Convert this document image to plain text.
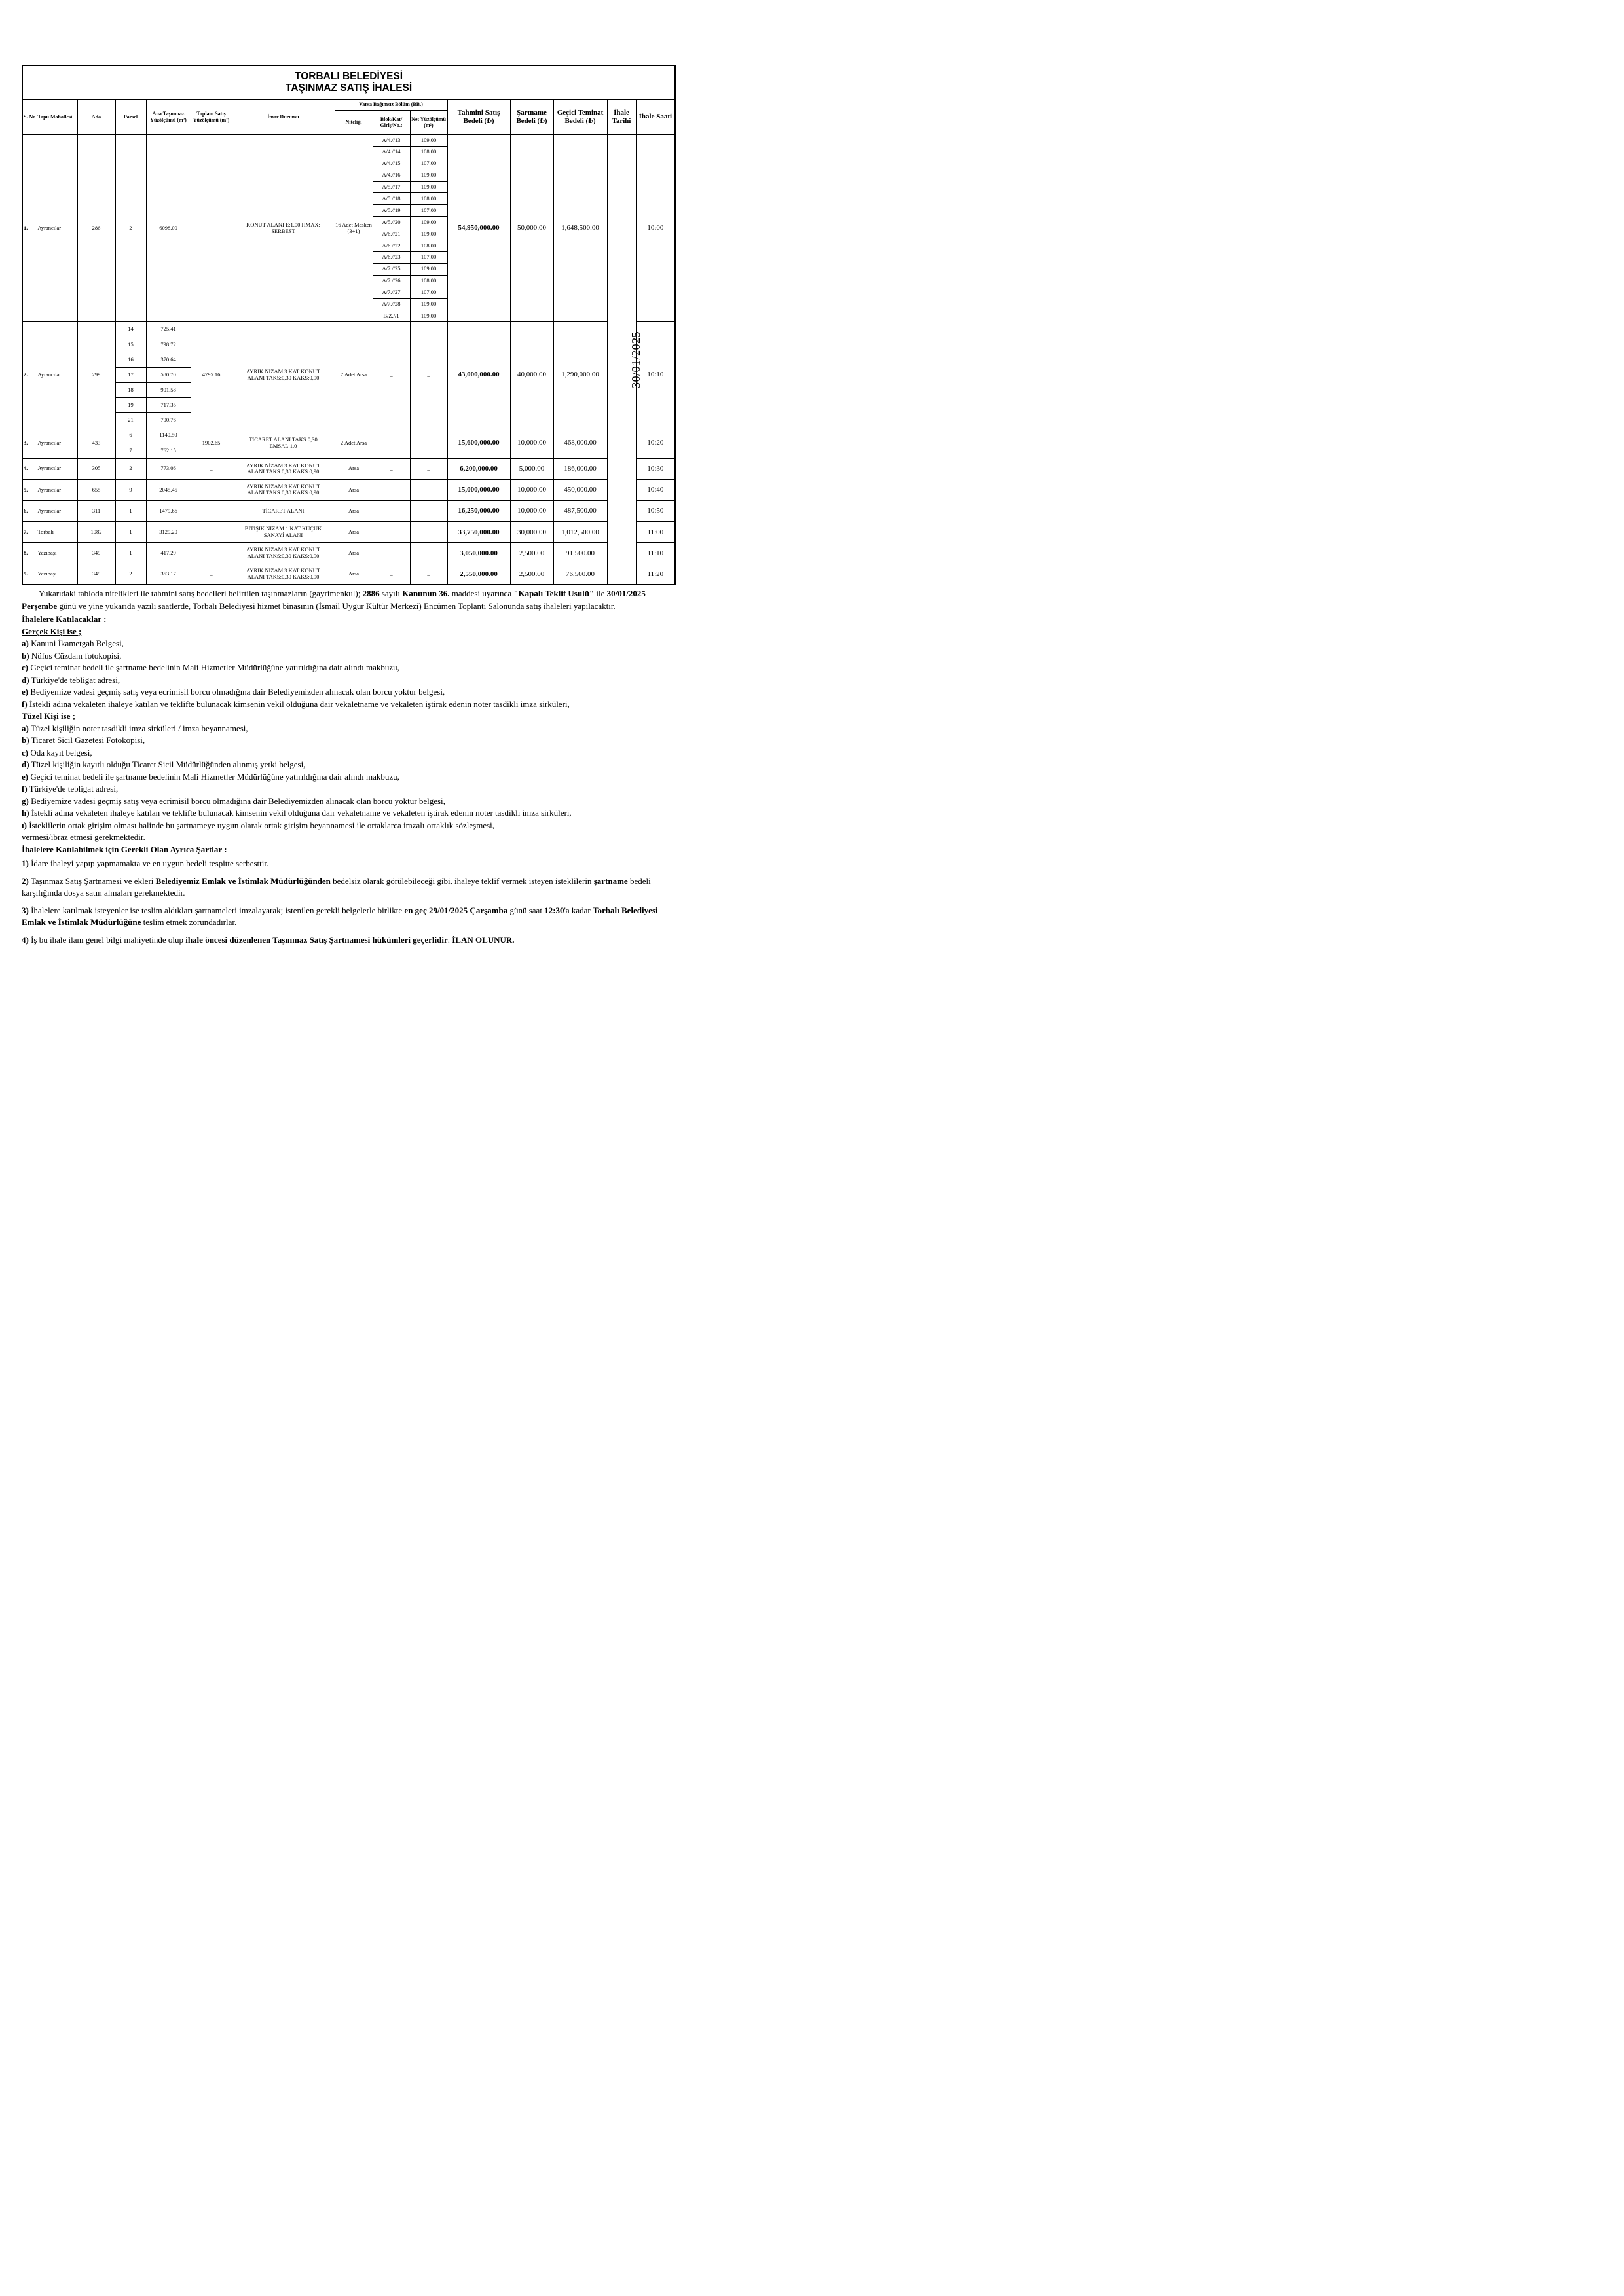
TORBALI BELEDİYESİ
TAŞINMAZ SATIŞ İHALESİ														

S. No	Tapu Mahallesi	Ada	Parsel	Ana Taşınmaz Yüzölçümü (m²)	Toplam Satış Yüzölçümü (m²)	İmar Durumu	Varsa Bağımsız Bölüm (BB.)			Tahmini Satış Bedeli (₺)	Şartname Bedeli (₺)	Geçici Teminat Bedeli (₺)	İhale Tarihi	İhale Saati
							Niteliği	Blok/Kat/ Giriş/No.:	Net Yüzölçümü (m²)					
1.	Ayrancılar	286	2	6098.00	_	KONUT ALANI E:1.00 HMAX: SERBEST	16 Adet Mesken (3+1)	A/4.//13	109.00	54,950,000.00	50,000.00	1,648,500.00	30/01/2025	10:00
								A/4.//14	108.00					
								A/4.//15	107.00					
								A/4.//16	109.00					
								A/5.//17	109.00					
								A/5.//18	108.00					
								A/5.//19	107.00					
								A/5.//20	109.00					
								A/6.//21	109.00					
								A/6.//22	108.00					
								A/6.//23	107.00					
								A/7.//25	109.00					
								A/7.//26	108.00					
								A/7.//27	107.00					
								A/7.//28	109.00					
								B/Z.//1	109.00					
2.	Ayrancılar	299	14	725.41	4795.16	AYRIK NİZAM 3 KAT KONUT ALANI TAKS:0,30 KAKS:0,90	7 Adet Arsa	_	_	43,000,000.00	40,000.00	1,290,000.00		10:10
			15	798.72										
			16	370.64										
			17	580.70										
			18	901.58										
			19	717.35										
			21	700.76										
3.	Ayrancılar	433	6	1140.50	1902.65	TİCARET ALANI TAKS:0,30 EMSAL:1,0	2 Adet Arsa	_	_	15,600,000.00	10,000.00	468,000.00		10:20
			7	762.15										
4.	Ayrancılar	305	2	773.06	_	AYRIK NİZAM 3 KAT KONUT ALANI TAKS:0,30 KAKS:0,90	Arsa	_	_	6,200,000.00	5,000.00	186,000.00		10:30
5.	Ayrancılar	655	9	2045.45	_	AYRIK NİZAM 3 KAT KONUT ALANI TAKS:0,30 KAKS:0,90	Arsa	_	_	15,000,000.00	10,000.00	450,000.00		10:40
6.	Ayrancılar	311	1	1479.66	_	TİCARET ALANI	Arsa	_	_	16,250,000.00	10,000.00	487,500.00		10:50
7.	Torbalı	1082	1	3129.20	_	BİTİŞİK NİZAM 1 KAT KÜÇÜK SANAYİ ALANI	Arsa	_	_	33,750,000.00	30,000.00	1,012,500.00		11:00
8.	Yazıbaşı	349	1	417.29	_	AYRIK NİZAM 3 KAT KONUT ALANI TAKS:0,30 KAKS:0,90	Arsa	_	_	3,050,000.00	2,500.00	91,500.00		11:10
9.	Yazıbaşı	349	2	353.17	_	AYRIK NİZAM 3 KAT KONUT ALANI TAKS:0,30 KAKS:0,90	Arsa	_	_	2,550,000.00	2,500.00	76,500.00		11:20

Yukarıdaki tabloda nitelikleri ile tahmini satış bedelleri belirtilen taşınmazların (gayrimenkul); 2886 sayılı Kanunun 36. maddesi uyarınca "Kapalı Teklif Usulü" ile 30/01/2025 Perşembe günü ve yine yukarıda yazılı saatlerde, Torbalı Belediyesi hizmet binasının (İsmail Uygur Kültür Merkezi) Encümen Toplantı Salonunda satış ihaleleri yapılacaktır.

İhalelere Katılacaklar :

Gerçek Kişi ise ;

a) Kanuni İkametgah Belgesi,

b) Nüfus Cüzdanı fotokopisi,

c) Geçici teminat bedeli ile şartname bedelinin Mali Hizmetler Müdürlüğüne yatırıldığına dair alındı makbuzu,

d) Türkiye'de tebligat adresi,

e) Bediyemize vadesi geçmiş satış veya ecrimisil borcu olmadığına dair Belediyemizden alınacak olan borcu yoktur belgesi,

f) İstekli adına vekaleten ihaleye katılan ve teklifte bulunacak kimsenin vekil olduğuna dair vekaletname ve vekaleten iştirak edenin noter tasdikli imza sirküleri,

Tüzel Kişi ise ;

a) Tüzel kişiliğin noter tasdikli imza sirküleri / imza beyannamesi,

b) Ticaret Sicil Gazetesi Fotokopisi,

c) Oda kayıt belgesi,

d) Tüzel kişiliğin kayıtlı olduğu Ticaret Sicil Müdürlüğünden alınmış yetki belgesi,

e) Geçici teminat bedeli ile şartname bedelinin Mali Hizmetler Müdürlüğüne yatırıldığına dair alındı makbuzu,

f) Türkiye'de tebligat adresi,

g) Bediyemize vadesi geçmiş satış veya ecrimisil borcu olmadığına dair Belediyemizden alınacak olan borcu yoktur belgesi,

h) İstekli adına vekaleten ihaleye katılan ve teklifte bulunacak kimsenin vekil olduğuna dair vekaletname ve vekaleten iştirak edenin noter tasdikli imza sirküleri,

ı) İsteklilerin ortak girişim olması halinde bu şartnameye uygun olarak ortak girişim beyannamesi ile ortaklarca imzalı ortaklık sözleşmesi,

vermesi/ibraz etmesi gerekmektedir.

İhalelere Katılabilmek için Gerekli Olan Ayrıca Şartlar :

1) İdare ihaleyi yapıp yapmamakta ve en uygun bedeli tespitte serbesttir.

2) Taşınmaz Satış Şartnamesi ve ekleri Belediyemiz Emlak ve İstimlak Müdürlüğünden bedelsiz olarak görülebileceği gibi, ihaleye teklif vermek isteyen isteklilerin şartname bedeli karşılığında dosya satın almaları gerekmektedir.

3) İhalelere katılmak isteyenler ise teslim aldıkları şartnameleri imzalayarak; istenilen gerekli belgelerle birlikte en geç 29/01/2025 Çarşamba günü saat 12:30'a kadar Torbalı Belediyesi Emlak ve İstimlak Müdürlüğüne teslim etmek zorundadırlar.

4) İş bu ihale ilanı genel bilgi mahiyetinde olup ihale öncesi düzenlenen Taşınmaz Satış Şartnamesi hükümleri geçerlidir. İLAN OLUNUR.
